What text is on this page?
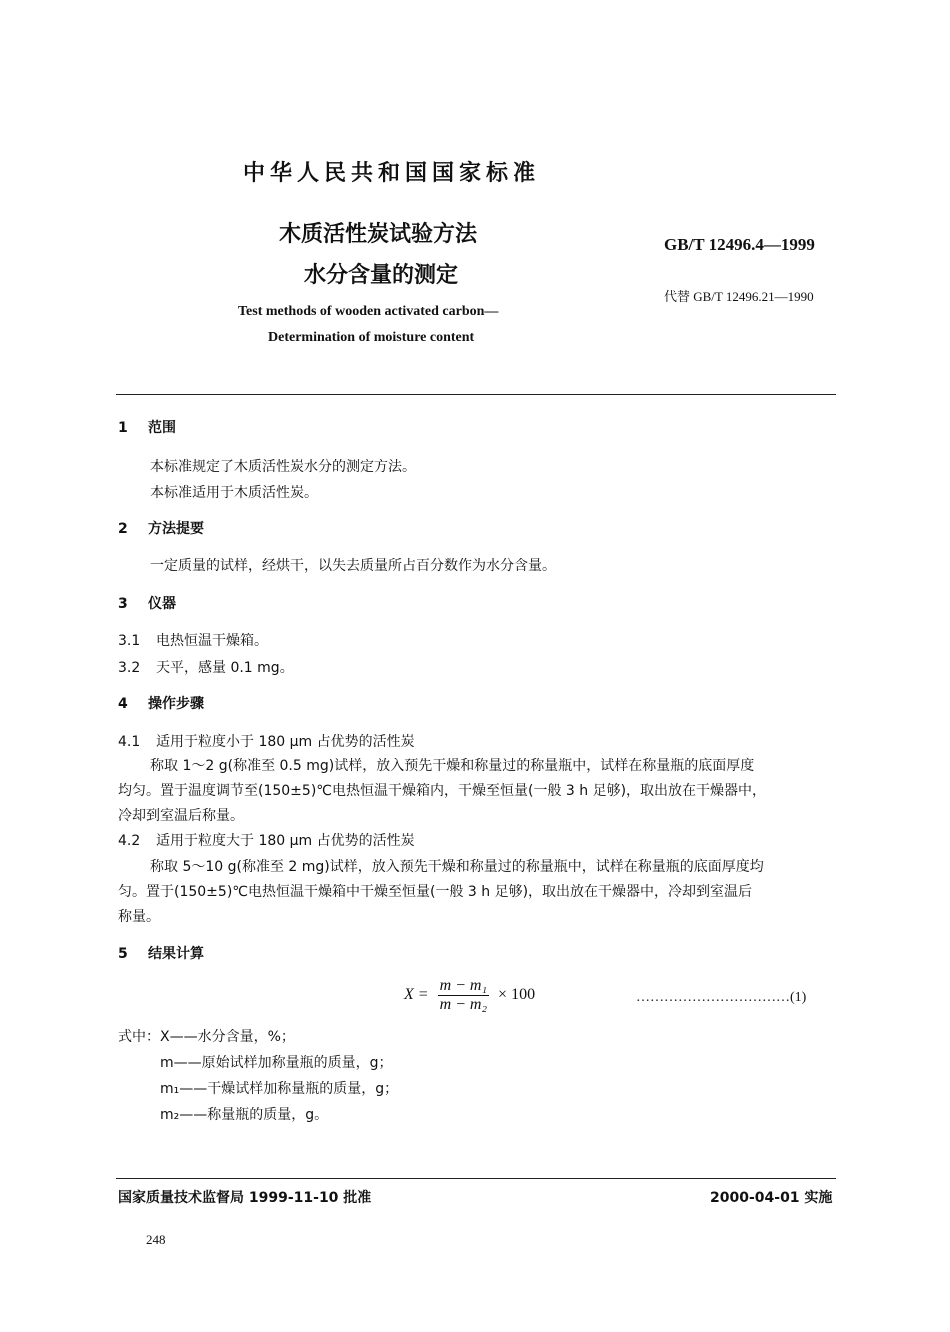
中华人民共和国国家标准
木质活性炭试验方法
水分含量的测定
GB/T 12496.4—1999
代替 GB/T 12496.21—1990
Test methods of wooden activated carbon—
Determination of moisture content
1 范围
本标准规定了木质活性炭水分的测定方法。
本标准适用于木质活性炭。
2 方法提要
一定质量的试样，经烘干，以失去质量所占百分数作为水分含量。
3 仪器
3.1 电热恒温干燥箱。
3.2 天平，感量 0.1 mg。
4 操作步骤
4.1 适用于粒度小于 180 μm 占优势的活性炭
称取 1～2 g(称准至 0.5 mg)试样，放入预先干燥和称量过的称量瓶中，试样在称量瓶的底面厚度
均匀。置于温度调节至(150±5)℃电热恒温干燥箱内，干燥至恒量(一般 3 h 足够)，取出放在干燥器中，
冷却到室温后称量。
4.2 适用于粒度大于 180 μm 占优势的活性炭
称取 5～10 g(称准至 2 mg)试样，放入预先干燥和称量过的称量瓶中，试样在称量瓶的底面厚度均
匀。置于(150±5)℃电热恒温干燥箱中干燥至恒量(一般 3 h 足够)，取出放在干燥器中，冷却到室温后
称量。
5 结果计算
$X = \frac{\text{m − m₁}}{\text{m − m₂}} \times 100$	……………………………(1)
式中：X——水分含量，%；
m——原始试样加称量瓶的质量，g；
m₁——干燥试样加称量瓶的质量，g；
m₂——称量瓶的质量，g。
国家质量技术监督局 1999-11-10 批准	2000-04-01 实施
248
